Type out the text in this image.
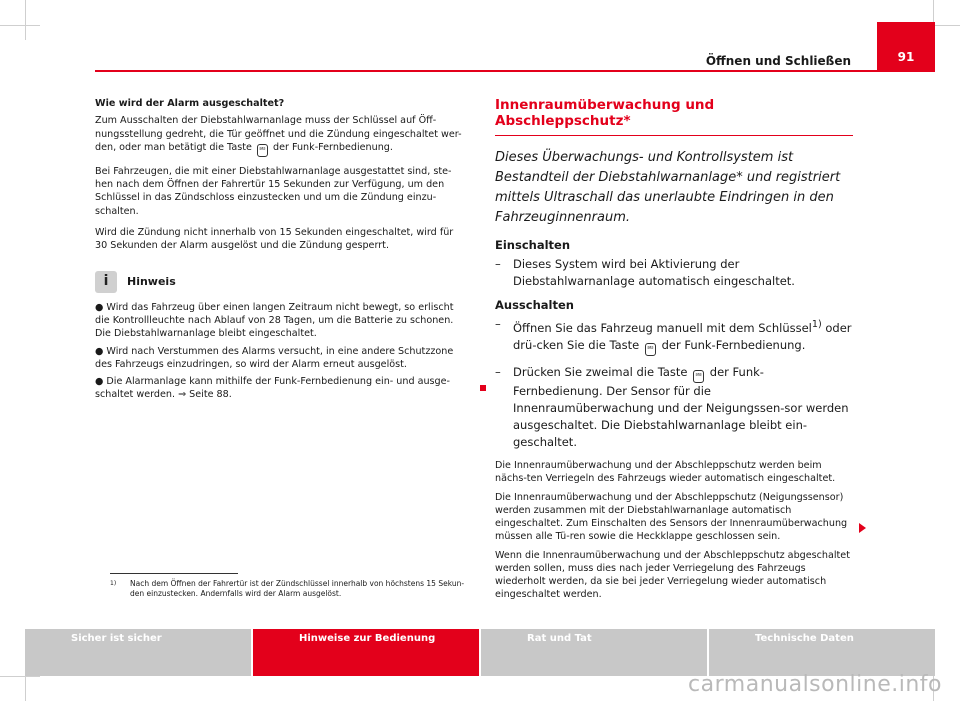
Öffnen und Schließen	91

Wie wird der Alarm ausgeschaltet?

Zum Ausschalten der Diebstahlwarnanlage muss der Schlüssel auf Öff-nungsstellung gedreht, die Tür geöffnet und die Zündung eingeschaltet wer-den, oder man betätigt die Taste ⎃ der Funk-Fernbedienung.

Bei Fahrzeugen, die mit einer Diebstahlwarnanlage ausgestattet sind, ste-hen nach dem Öffnen der Fahrertür 15 Sekunden zur Verfügung, um den Schlüssel in das Zündschloss einzustecken und um die Zündung einzu-schalten.

Wird die Zündung nicht innerhalb von 15 Sekunden eingeschaltet, wird für 30 Sekunden der Alarm ausgelöst und die Zündung gesperrt.

i	Hinweis

● Wird das Fahrzeug über einen langen Zeitraum nicht bewegt, so erlischt die Kontrollleuchte nach Ablauf von 28 Tagen, um die Batterie zu schonen. Die Diebstahlwarnanlage bleibt eingeschaltet.

● Wird nach Verstummen des Alarms versucht, in eine andere Schutzzone des Fahrzeugs einzudringen, so wird der Alarm erneut ausgelöst.

● Die Alarmanlage kann mithilfe der Funk-Fernbedienung ein- und ausge-schaltet werden. ⇒ Seite 88.

Innenraumüberwachung und Abschleppschutz*

Dieses Überwachungs- und Kontrollsystem ist Bestandteil der Diebstahlwarnanlage* und registriert mittels Ultraschall das unerlaubte Eindringen in den Fahrzeuginnenraum.

Einschalten
–	Dieses System wird bei Aktivierung der Diebstahlwarnanlage automatisch eingeschaltet.
Ausschalten
–	Öffnen Sie das Fahrzeug manuell mit dem Schlüssel$^{1)}$ oder drü-cken Sie die Taste ⎃ der Funk-Fernbedienung.
–	Drücken Sie zweimal die Taste ⎃ der Funk-Fernbedienung. Der Sensor für die Innenraumüberwachung und der Neigungssen-sor werden ausgeschaltet. Die Diebstahlwarnanlage bleibt ein-geschaltet.

Die Innenraumüberwachung und der Abschleppschutz werden beim nächs-ten Verriegeln des Fahrzeugs wieder automatisch eingeschaltet.

Die Innenraumüberwachung und der Abschleppschutz (Neigungssensor) werden zusammen mit der Diebstahlwarnanlage automatisch eingeschaltet. Zum Einschalten des Sensors der Innenraumüberwachung müssen alle Tü-ren sowie die Heckklappe geschlossen sein.

Wenn die Innenraumüberwachung und der Abschleppschutz abgeschaltet werden sollen, muss dies nach jeder Verriegelung des Fahrzeugs wiederholt werden, da sie bei jeder Verriegelung wieder automatisch eingeschaltet werden.

1)	Nach dem Öffnen der Fahrertür ist der Zündschlüssel innerhalb von höchstens 15 Sekun-den einzustecken. Andernfalls wird der Alarm ausgelöst.
Sicher ist sicher	Hinweise zur Bedienung	Rat und Tat	Technische Daten
carmanualsonline.info
